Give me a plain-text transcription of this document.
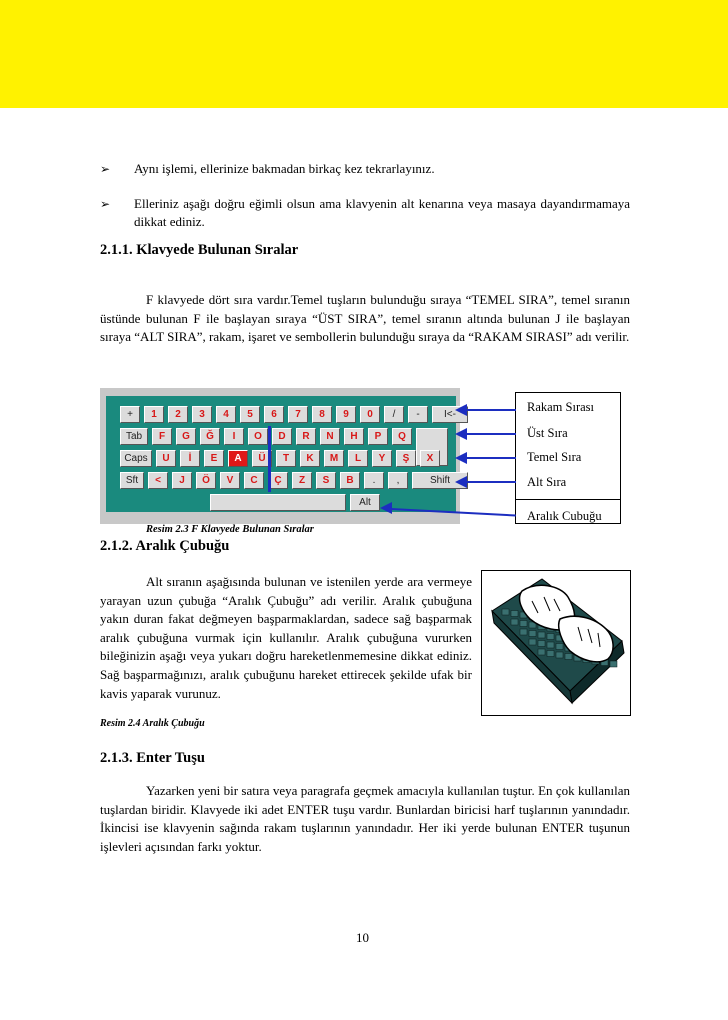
➢ Aynı işlemi, ellerinize bakmadan birkaç kez tekrarlayınız.
➢ Elleriniz aşağı doğru eğimli olsun ama klavyenin alt kenarına veya masaya dayandırmamaya dikkat ediniz.
2.1.1. Klavyede Bulunan Sıralar

F klavyede dört sıra vardır.Temel tuşların bulunduğu sıraya “TEMEL SIRA”, temel sıranın üstünde bulunan F ile başlayan sıraya “ÜST SIRA”, temel sıranın altında bulunan J ile başlayan sıraya “ALT SIRA”, rakam, işaret ve sembollerin bulunduğu sıraya da “RAKAM SIRASI” adı verilir.

+	1	2	3	4	5	6	7	8	9	0	/	-	I<-
Tab	F	G	Ğ	I	O	D	R	N	H	P	Q
Caps	U	İ	E	A	Ü	T	K	M	L	Y	Ş	X
Sft	<	J	Ö	V	C	Ç	Z	S	B	.	,	Shift
Alt
Rakam Sırası
Üst Sıra
Temel Sıra
Alt Sıra
Aralık Cubuğu
Resim 2.3 F Klavyede Bulunan Sıralar
2.1.2. Aralık Çubuğu

Alt sıranın aşağısında bulunan ve istenilen yerde ara vermeye yarayan uzun çubuğa “Aralık Çubuğu” adı verilir. Aralık çubuğuna yakın duran fakat değmeyen başparmaklardan, sadece sağ başparmak aralık çubuğuna vurmak için kullanılır. Aralık çubuğuna vururken bileğinizin aşağı veya yukarı doğru hareketlenmemesine dikkat ediniz. Sağ başparmağınızı, aralık çubuğunu hareket ettirecek şekilde ufak bir kavis yaparak vurunuz.

Resim 2.4 Aralık Çubuğu
2.1.3. Enter Tuşu

Yazarken yeni bir satıra veya paragrafa geçmek amacıyla kullanılan tuştur. En çok kullanılan tuşlardan biridir. Klavyede iki adet ENTER tuşu vardır. Bunlardan biricisi harf tuşlarının yanındadır. İkincisi ise klavyenin sağında rakam tuşlarının yanındadır. Her iki yerde bulunan ENTER tuşunun işlevleri açısından farkı yoktur.

10
